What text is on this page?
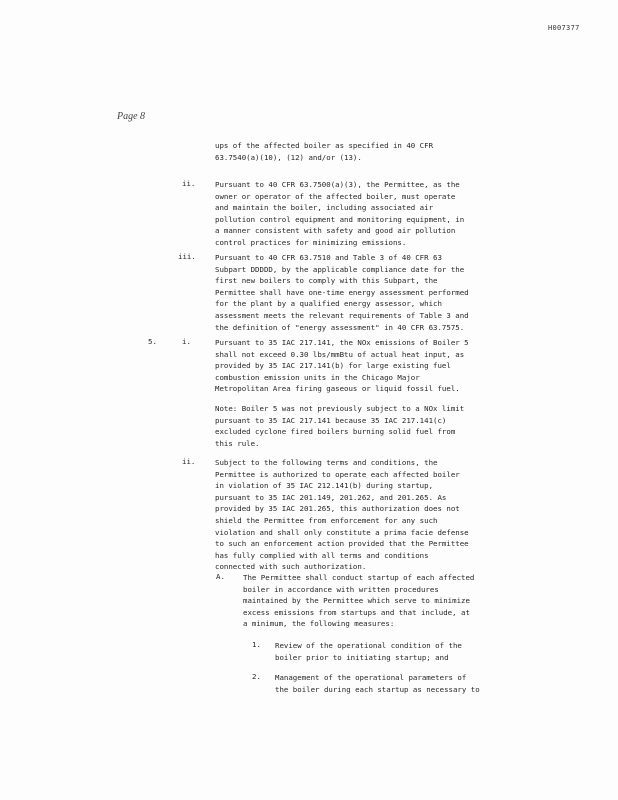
H007377
Page 8
ups of the affected boiler as specified in 40 CFR
63.7540(a)(10), (12) and/or (13).
ii.	Pursuant to 40 CFR 63.7500(a)(3), the Permittee, as the
owner or operator of the affected boiler, must operate
and maintain the boiler, including associated air
pollution control equipment and monitoring equipment, in
a manner consistent with safety and good air pollution
control practices for minimizing emissions.
iii.	Pursuant to 40 CFR 63.7510 and Table 3 of 40 CFR 63
Subpart DDDDD, by the applicable compliance date for the
first new boilers to comply with this Subpart, the
Permittee shall have one-time energy assessment performed
for the plant by a qualified energy assessor, which
assessment meets the relevant requirements of Table 3 and
the definition of "energy assessment" in 40 CFR 63.7575.
5.	i.	Pursuant to 35 IAC 217.141, the NOx emissions of Boiler 5
shall not exceed 0.30 lbs/mmBtu of actual heat input, as
provided by 35 IAC 217.141(b) for large existing fuel
combustion emission units in the Chicago Major
Metropolitan Area firing gaseous or liquid fossil fuel.
Note: Boiler 5 was not previously subject to a NOx limit
pursuant to 35 IAC 217.141 because 35 IAC 217.141(c)
excluded cyclone fired boilers burning solid fuel from
this rule.
ii.	Subject to the following terms and conditions, the
Permittee is authorized to operate each affected boiler
in violation of 35 IAC 212.141(b) during startup,
pursuant to 35 IAC 201.149, 201.262, and 201.265. As
provided by 35 IAC 201.265, this authorization does not
shield the Permittee from enforcement for any such
violation and shall only constitute a prima facie defense
to such an enforcement action provided that the Permittee
has fully complied with all terms and conditions
connected with such authorization.
A. The Permittee shall conduct startup of each affected
boiler in accordance with written procedures
maintained by the Permittee which serve to minimize
excess emissions from startups and that include, at
a minimum, the following measures:
1. Review of the operational condition of the
boiler prior to initiating startup; and
2. Management of the operational parameters of
the boiler during each startup as necessary to
